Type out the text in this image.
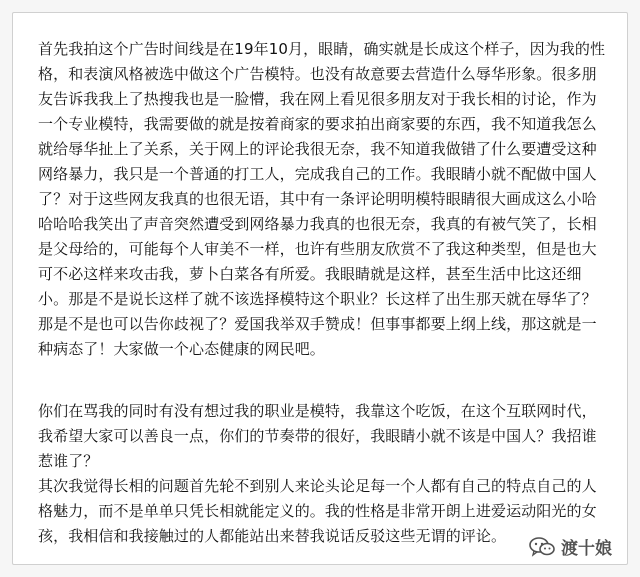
首先我拍这个广告时间线是在19年10月，眼睛，确实就是长成这个样子，因为我的性
格，和表演风格被选中做这个广告模特。也没有故意要去营造什么辱华形象。很多朋
友告诉我我上了热搜我也是一脸懵，我在网上看见很多朋友对于我长相的讨论，作为
一个专业模特，我需要做的就是按着商家的要求拍出商家要的东西，我不知道我怎么
就给辱华扯上了关系，关于网上的评论我很无奈，我不知道我做错了什么要遭受这种
网络暴力，我只是一个普通的打工人，完成我自己的工作。我眼睛小就不配做中国人
了？对于这些网友我真的也很无语，其中有一条评论明明模特眼睛很大画成这么小哈
哈哈哈我笑出了声音突然遭受到网络暴力我真的也很无奈，我真的有被气笑了，长相
是父母给的，可能每个人审美不一样，也许有些朋友欣赏不了我这种类型，但是也大
可不必这样来攻击我，萝卜白菜各有所爱。我眼睛就是这样，甚至生活中比这还细
小。那是不是说长这样了就不该选择模特这个职业？长这样了出生那天就在辱华了？
那是不是也可以告你歧视了？爱国我举双手赞成！但事事都要上纲上线，那这就是一
种病态了！大家做一个心态健康的网民吧。
你们在骂我的同时有没有想过我的职业是模特，我靠这个吃饭，在这个互联网时代，
我希望大家可以善良一点，你们的节奏带的很好，我眼睛小就不该是中国人？我招谁
惹谁了？
其次我觉得长相的问题首先轮不到别人来论头论足每一个人都有自己的特点自己的人
格魅力，而不是单单只凭长相就能定义的。我的性格是非常开朗上进爱运动阳光的女
孩，我相信和我接触过的人都能站出来替我说话反驳这些无谓的评论。
渡十娘
